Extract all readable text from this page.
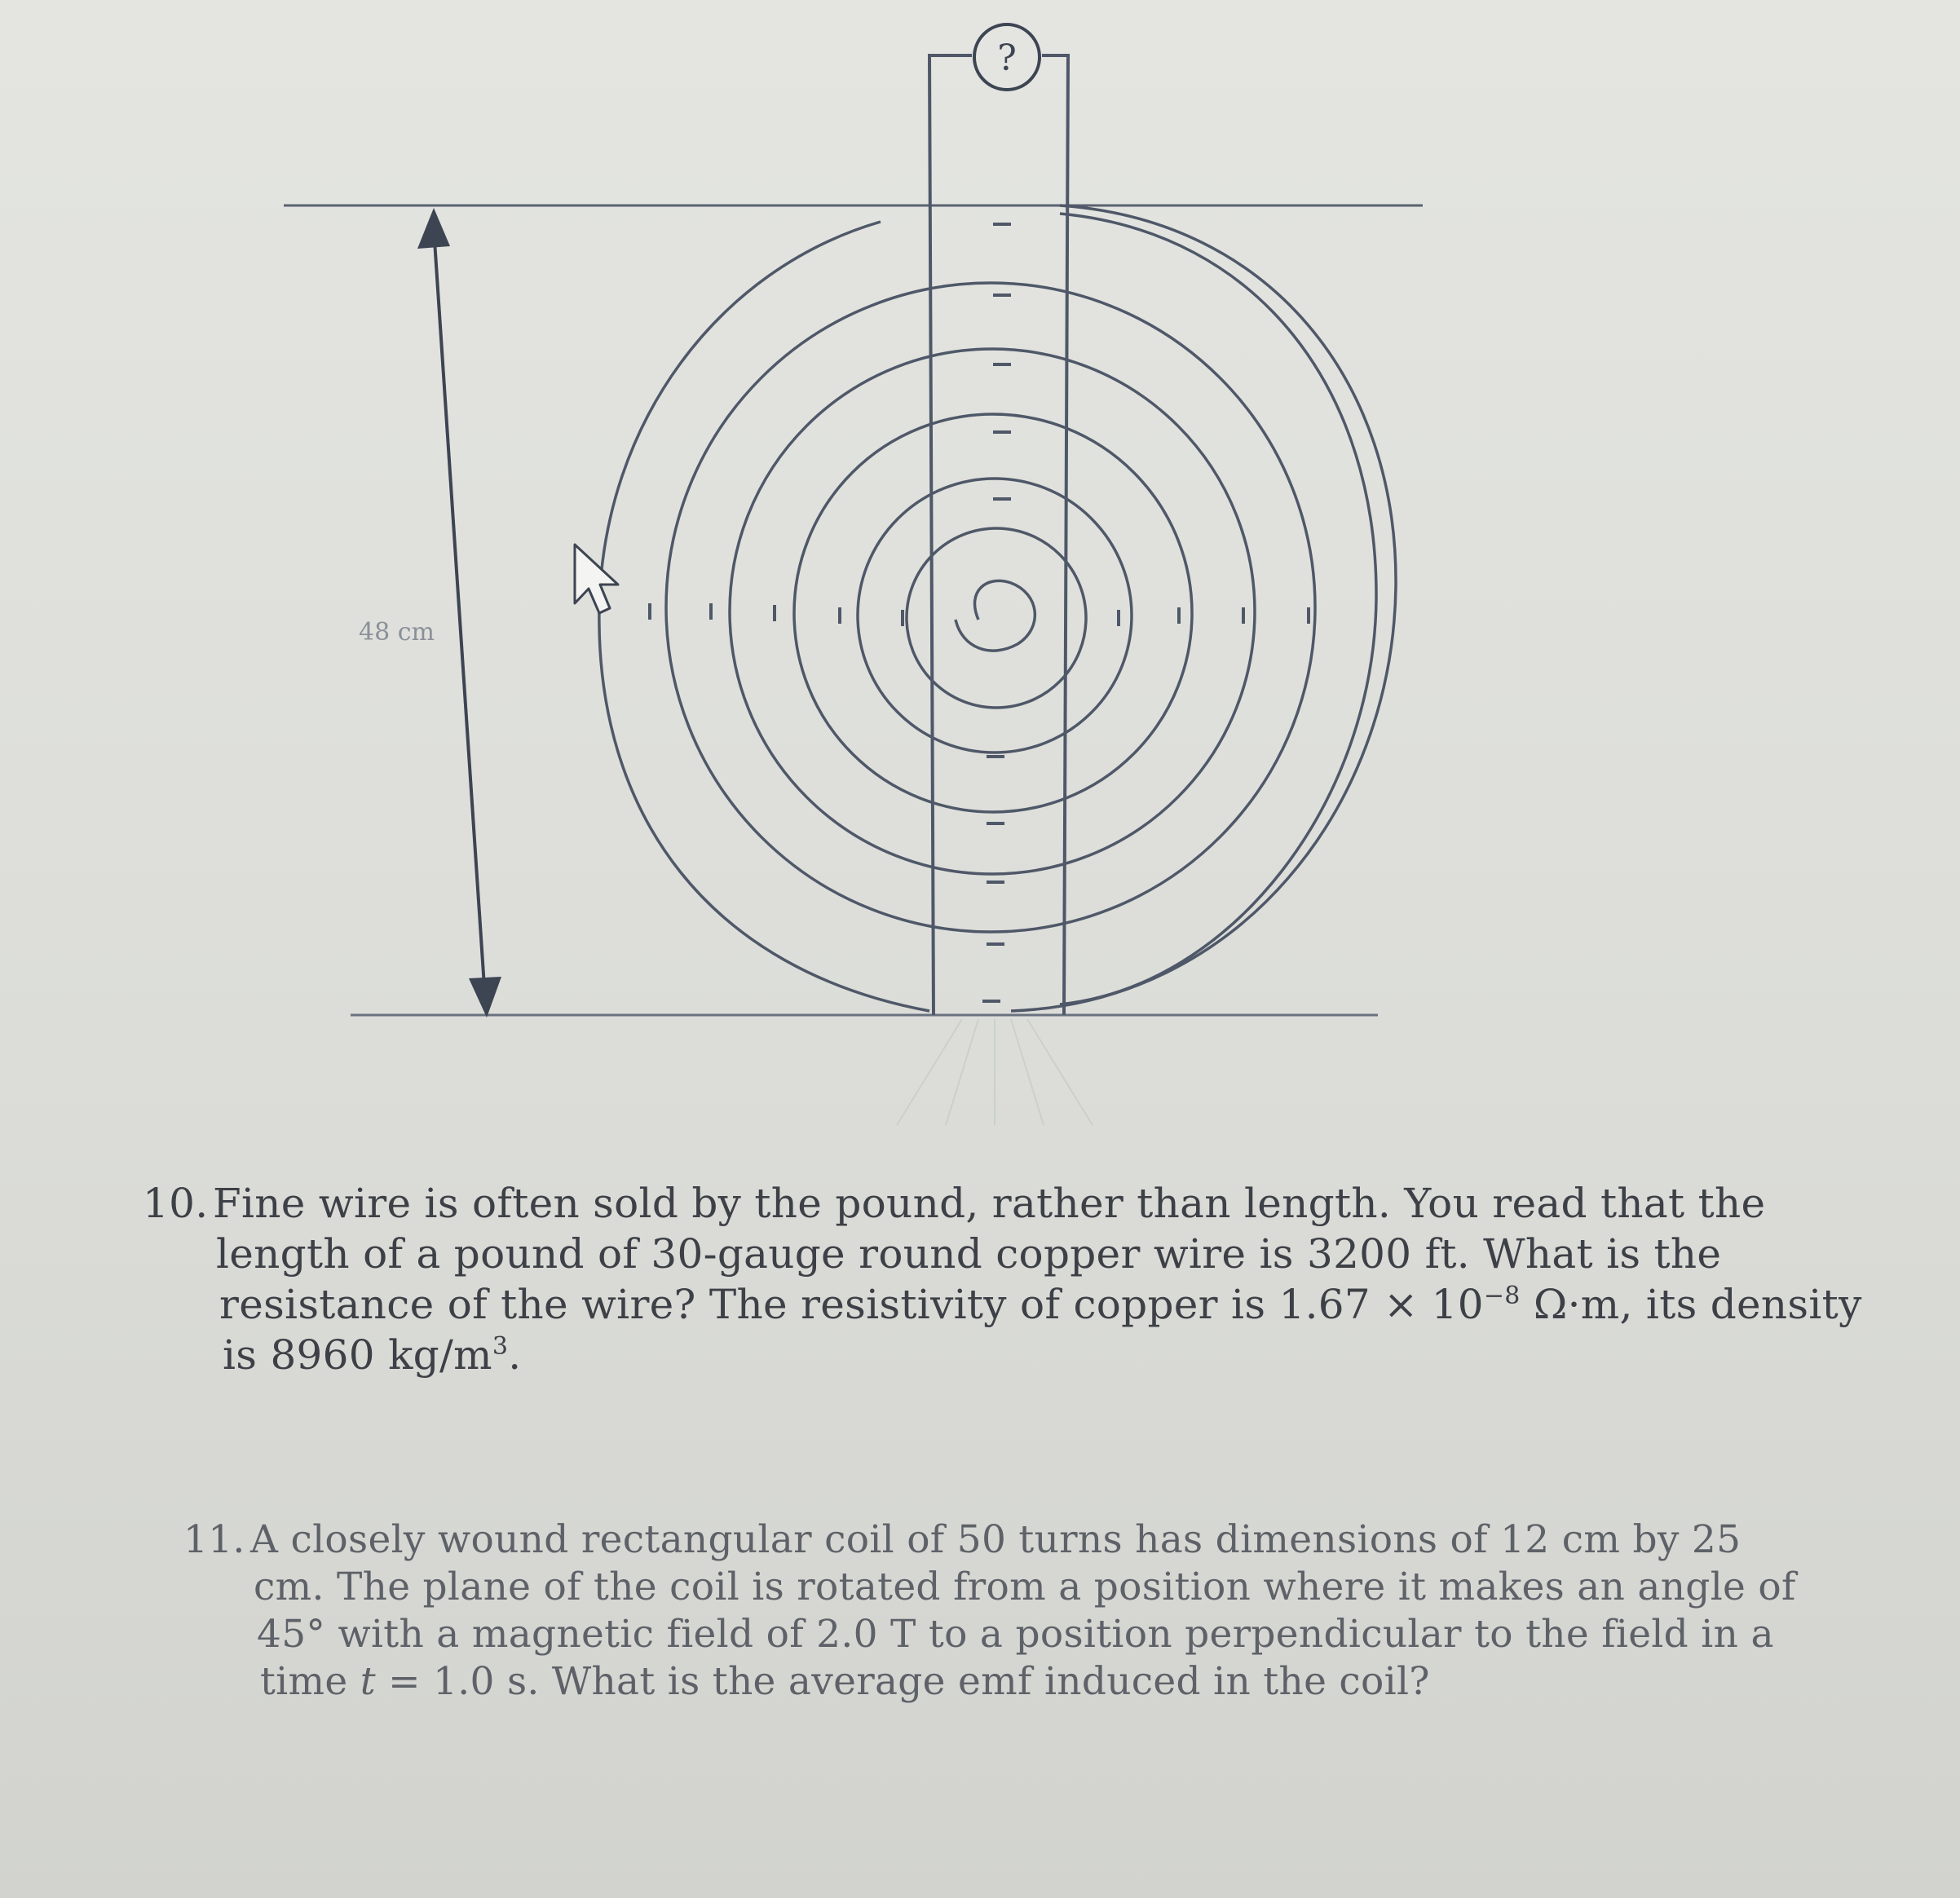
?
48 cm
10. Fine wire is often sold by the pound, rather than length. You read that the
length of a pound of 30-gauge round copper wire is 3200 ft. What is the
resistance of the wire? The resistivity of copper is $1.67 \times 10^{-8}$ Ω·m, its density
is 8960 $kg/m^3$.
11. A closely wound rectangular coil of 50 turns has dimensions of 12 cm by 25
cm. The plane of the coil is rotated from a position where it makes an angle of
45° with a magnetic field of 2.0 T to a position perpendicular to the field in a
time t = 1.0 s. What is the average emf induced in the coil?
